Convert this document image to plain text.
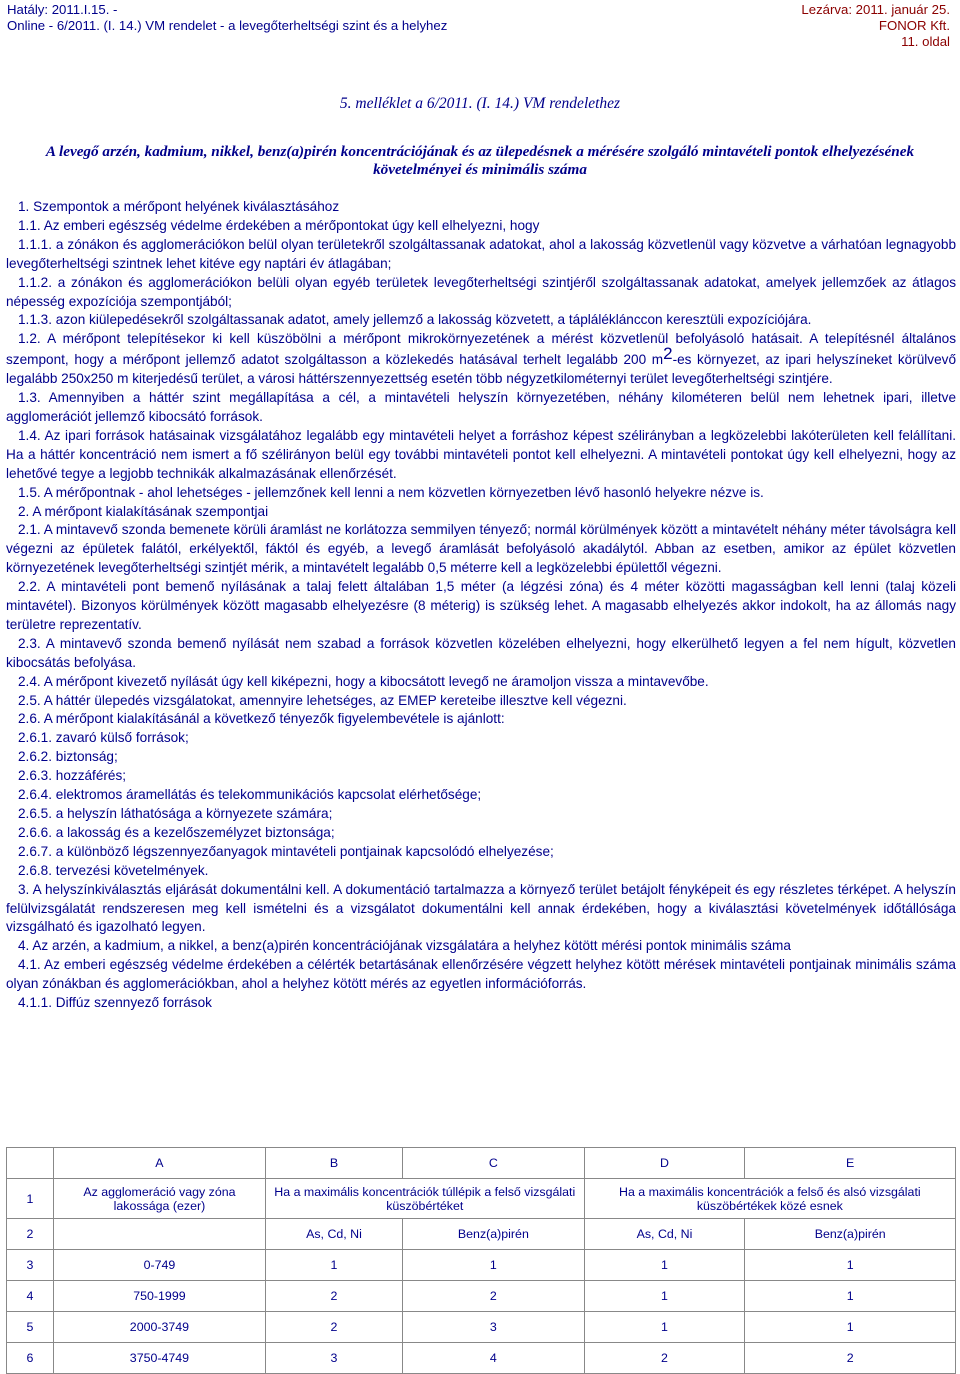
Hatály: 2011.I.15. -
Online - 6/2011. (I. 14.) VM rendelet - a levegőterheltségi szint és a helyhez
Lezárva: 2011. január 25.
FONOR Kft.
11. oldal
5. melléklet a 6/2011. (I. 14.) VM rendelethez
A levegő arzén, kadmium, nikkel, benz(a)pirén koncentrációjának és az ülepedésnek a mérésére szolgáló mintavételi pontok elhelyezésének követelményei és minimális száma

1. Szempontok a mérőpont helyének kiválasztásához

1.1. Az emberi egészség védelme érdekében a mérőpontokat úgy kell elhelyezni, hogy

1.1.1. a zónákon és agglomerációkon belül olyan területekről szolgáltassanak adatokat, ahol a lakosság közvetlenül vagy közvetve a várhatóan legnagyobb levegőterheltségi szintnek lehet kitéve egy naptári év átlagában;

1.1.2. a zónákon és agglomerációkon belüli olyan egyéb területek levegőterheltségi szintjéről szolgáltassanak adatokat, amelyek jellemzőek az átlagos népesség expozíciója szempontjából;

1.1.3. azon kiülepedésekről szolgáltassanak adatot, amely jellemző a lakosság közvetett, a tápláléklánccon keresztüli expozíciójára.

1.2. A mérőpont telepítésekor ki kell küszöbölni a mérőpont mikrokörnyezetének a mérést közvetlenül befolyásoló hatásait. A telepítésnél általános szempont, hogy a mérőpont jellemző adatot szolgáltasson a közlekedés hatásával terhelt legalább 200 m2-es környezet, az ipari helyszíneket körülvevő legalább 250x250 m kiterjedésű terület, a városi háttérszennyezettség esetén több négyzetkilométernyi terület levegőterheltségi szintjére.

1.3. Amennyiben a háttér szint megállapítása a cél, a mintavételi helyszín környezetében, néhány kilométeren belül nem lehetnek ipari, illetve agglomerációt jellemző kibocsátó források.

1.4. Az ipari források hatásainak vizsgálatához legalább egy mintavételi helyet a forráshoz képest szélirányban a legközelebbi lakóterületen kell felállítani. Ha a háttér koncentráció nem ismert a fő szélirányon belül egy további mintavételi pontot kell elhelyezni. A mintavételi pontokat úgy kell elhelyezni, hogy az lehetővé tegye a legjobb technikák alkalmazásának ellenőrzését.

1.5. A mérőpontnak - ahol lehetséges - jellemzőnek kell lenni a nem közvetlen környezetben lévő hasonló helyekre nézve is.

2. A mérőpont kialakításának szempontjai

2.1. A mintavevő szonda bemenete körüli áramlást ne korlátozza semmilyen tényező; normál körülmények között a mintavételt néhány méter távolságra kell végezni az épületek falától, erkélyektől, fáktól és egyéb, a levegő áramlását befolyásoló akadálytól. Abban az esetben, amikor az épület közvetlen környezetének levegőterheltségi szintjét mérik, a mintavételt legalább 0,5 méterre kell a legközelebbi épülettől végezni.

2.2. A mintavételi pont bemenő nyílásának a talaj felett általában 1,5 méter (a légzési zóna) és 4 méter közötti magasságban kell lenni (talaj közeli mintavétel). Bizonyos körülmények között magasabb elhelyezésre (8 méterig) is szükség lehet. A magasabb elhelyezés akkor indokolt, ha az állomás nagy területre reprezentatív.

2.3. A mintavevő szonda bemenő nyílását nem szabad a források közvetlen közelében elhelyezni, hogy elkerülhető legyen a fel nem hígult, közvetlen kibocsátás befolyása.

2.4. A mérőpont kivezető nyílását úgy kell kiképezni, hogy a kibocsátott levegő ne áramoljon vissza a mintavevőbe.

2.5. A háttér ülepedés vizsgálatokat, amennyire lehetséges, az EMEP kereteibe illesztve kell végezni.

2.6. A mérőpont kialakításánál a következő tényezők figyelembevétele is ajánlott:

2.6.1. zavaró külső források;

2.6.2. biztonság;

2.6.3. hozzáférés;

2.6.4. elektromos áramellátás és telekommunikációs kapcsolat elérhetősége;

2.6.5. a helyszín láthatósága a környezete számára;

2.6.6. a lakosság és a kezelőszemélyzet biztonsága;

2.6.7. a különböző légszennyezőanyagok mintavételi pontjainak kapcsolódó elhelyezése;

2.6.8. tervezési követelmények.

3. A helyszínkiválasztás eljárását dokumentálni kell. A dokumentáció tartalmazza a környező terület betájolt fényképeit és egy részletes térképet. A helyszín felülvizsgálatát rendszeresen meg kell ismételni és a vizsgálatot dokumentálni kell annak érdekében, hogy a kiválasztási követelmények időtállósága vizsgálható és igazolható legyen.

4. Az arzén, a kadmium, a nikkel, a benz(a)pirén koncentrációjának vizsgálatára a helyhez kötött mérési pontok minimális száma

4.1. Az emberi egészség védelme érdekében a célérték betartásának ellenőrzésére végzett helyhez kötött mérések mintavételi pontjainak minimális száma olyan zónákban és agglomerációkban, ahol a helyhez kötött mérés az egyetlen információforrás.

4.1.1. Diffúz szennyező források

	A	B	C	D	E
1	Az agglomeráció vagy zóna lakossága (ezer)	Ha a maximális koncentrációk túllépik a felső vizsgálati küszöbértéket		Ha a maximális koncentrációk a felső és alsó vizsgálati küszöbértékek közé esnek	
2		As, Cd, Ni	Benz(a)pirén	As, Cd, Ni	Benz(a)pirén
3	0-749	1	1	1	1
4	750-1999	2	2	1	1
5	2000-3749	2	3	1	1
6	3750-4749	3	4	2	2
